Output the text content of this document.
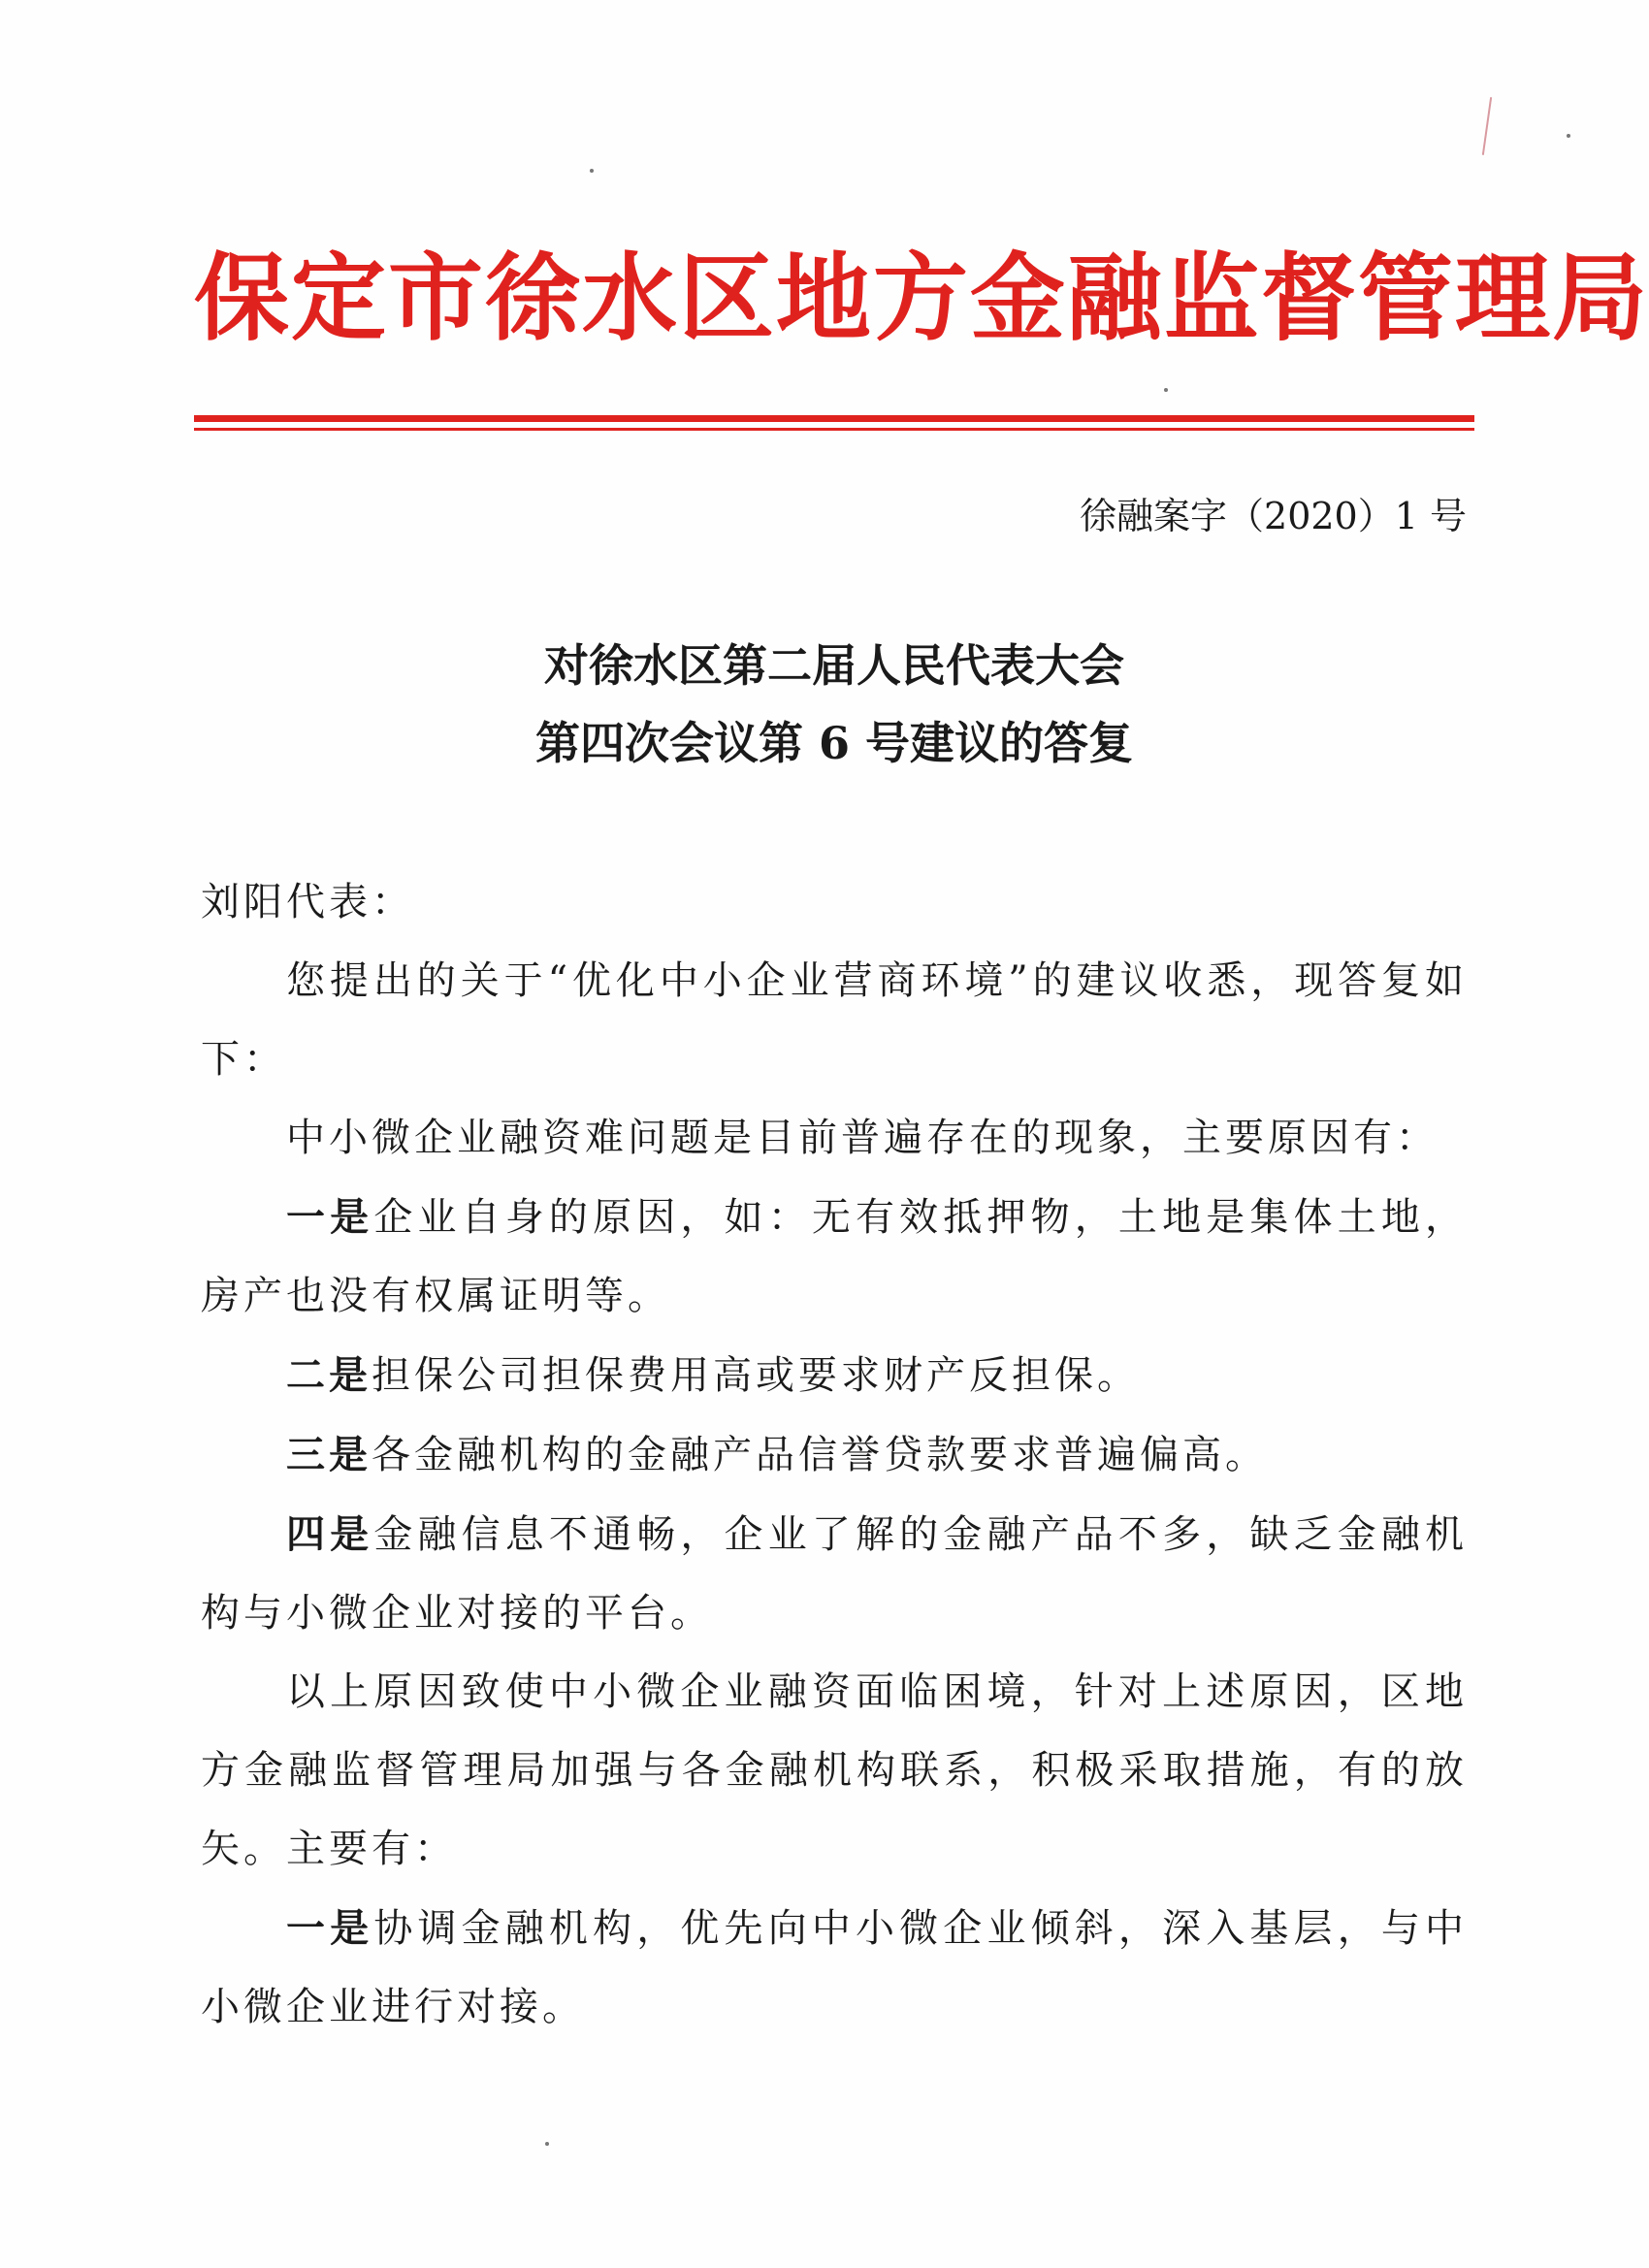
保定市徐水区地方金融监督管理局
徐融案字（2020）1 号
对徐水区第二届人民代表大会
第四次会议第 6 号建议的答复

刘阳代表：

您提出的关于“优化中小企业营商环境”的建议收悉，现答复如下：

中小微企业融资难问题是目前普遍存在的现象，主要原因有：

一是企业自身的原因，如：无有效抵押物，土地是集体土地，房产也没有权属证明等。

二是担保公司担保费用高或要求财产反担保。

三是各金融机构的金融产品信誉贷款要求普遍偏高。

四是金融信息不通畅，企业了解的金融产品不多，缺乏金融机构与小微企业对接的平台。

以上原因致使中小微企业融资面临困境，针对上述原因，区地方金融监督管理局加强与各金融机构联系，积极采取措施，有的放矢。主要有：

一是协调金融机构，优先向中小微企业倾斜，深入基层，与中小微企业进行对接。
